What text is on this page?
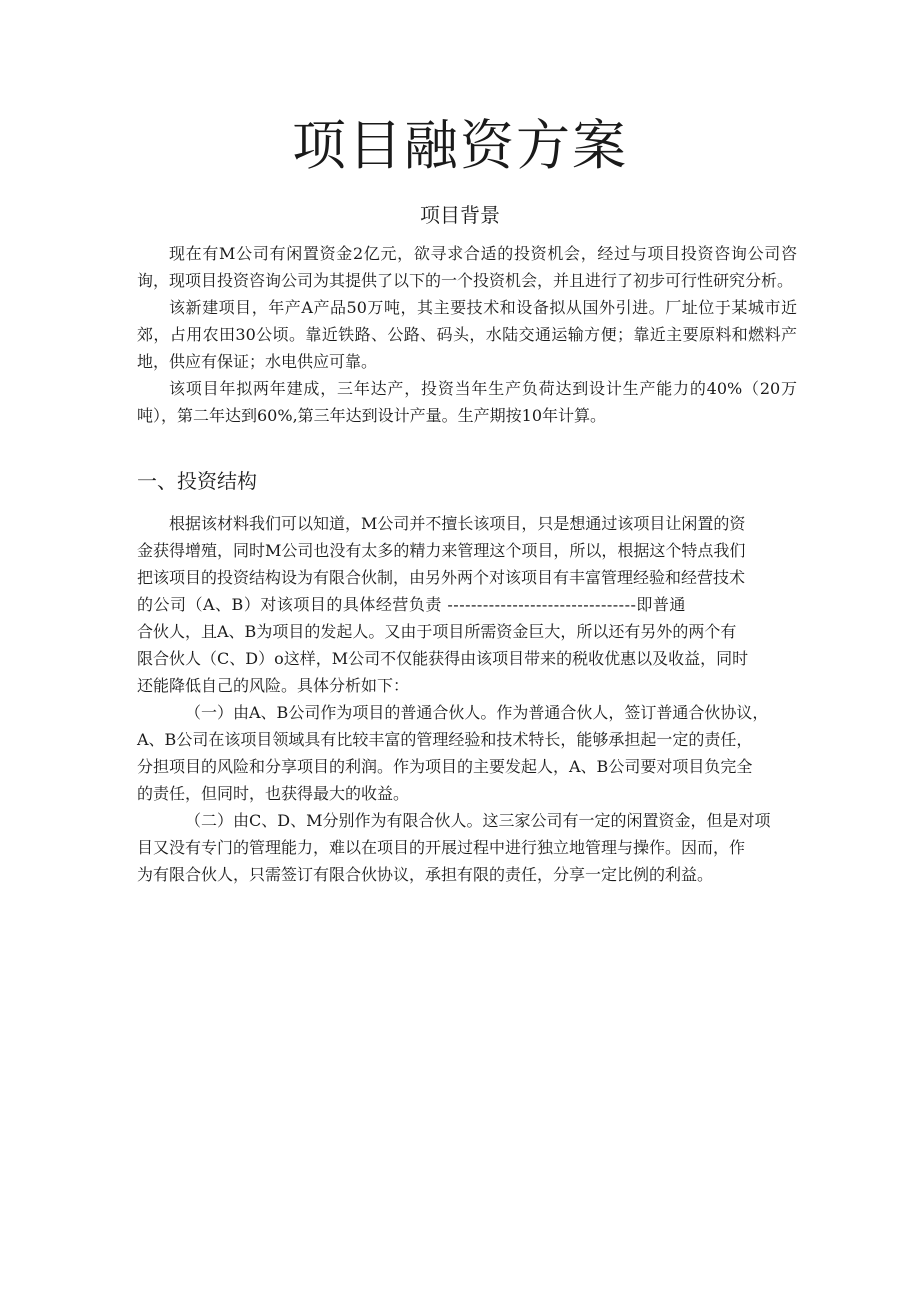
项目融资方案
项目背景

现在有M公司有闲置资金2亿元，欲寻求合适的投资机会，经过与项目投资咨询公司咨询，现项目投资咨询公司为其提供了以下的一个投资机会，并且进行了初步可行性研究分析。

该新建项目，年产A产品50万吨，其主要技术和设备拟从国外引进。厂址位于某城市近郊，占用农田30公顷。靠近铁路、公路、码头，水陆交通运输方便；靠近主要原料和燃料产地，供应有保证；水电供应可靠。

该项目年拟两年建成，三年达产，投资当年生产负荷达到设计生产能力的40%（20万吨），第二年达到60%,第三年达到设计产量。生产期按10年计算。

一、投资结构
根据该材料我们可以知道，M公司并不擅长该项目，只是想通过该项目让闲置的资
金获得增殖，同时M公司也没有太多的精力来管理这个项目，所以，根据这个特点我们
把该项目的投资结构设为有限合伙制，由另外两个对该项目有丰富管理经验和经营技术
的公司（A、B）对该项目的具体经营负责 --------------------------------即普通
合伙人，且A、B为项目的发起人。又由于项目所需资金巨大，所以还有另外的两个有
限合伙人（C、D）o这样，M公司不仅能获得由该项目带来的税收优惠以及收益，同时
还能降低自己的风险。具体分析如下：
（一）由A、B公司作为项目的普通合伙人。作为普通合伙人，签订普通合伙协议，
A、B公司在该项目领域具有比较丰富的管理经验和技术特长，能够承担起一定的责任，
分担项目的风险和分享项目的利润。作为项目的主要发起人，A、B公司要对项目负完全
的责任，但同时，也获得最大的收益。
（二）由C、D、M分别作为有限合伙人。这三家公司有一定的闲置资金，但是对项
目又没有专门的管理能力，难以在项目的开展过程中进行独立地管理与操作。因而，作
为有限合伙人，只需签订有限合伙协议，承担有限的责任，分享一定比例的利益。
